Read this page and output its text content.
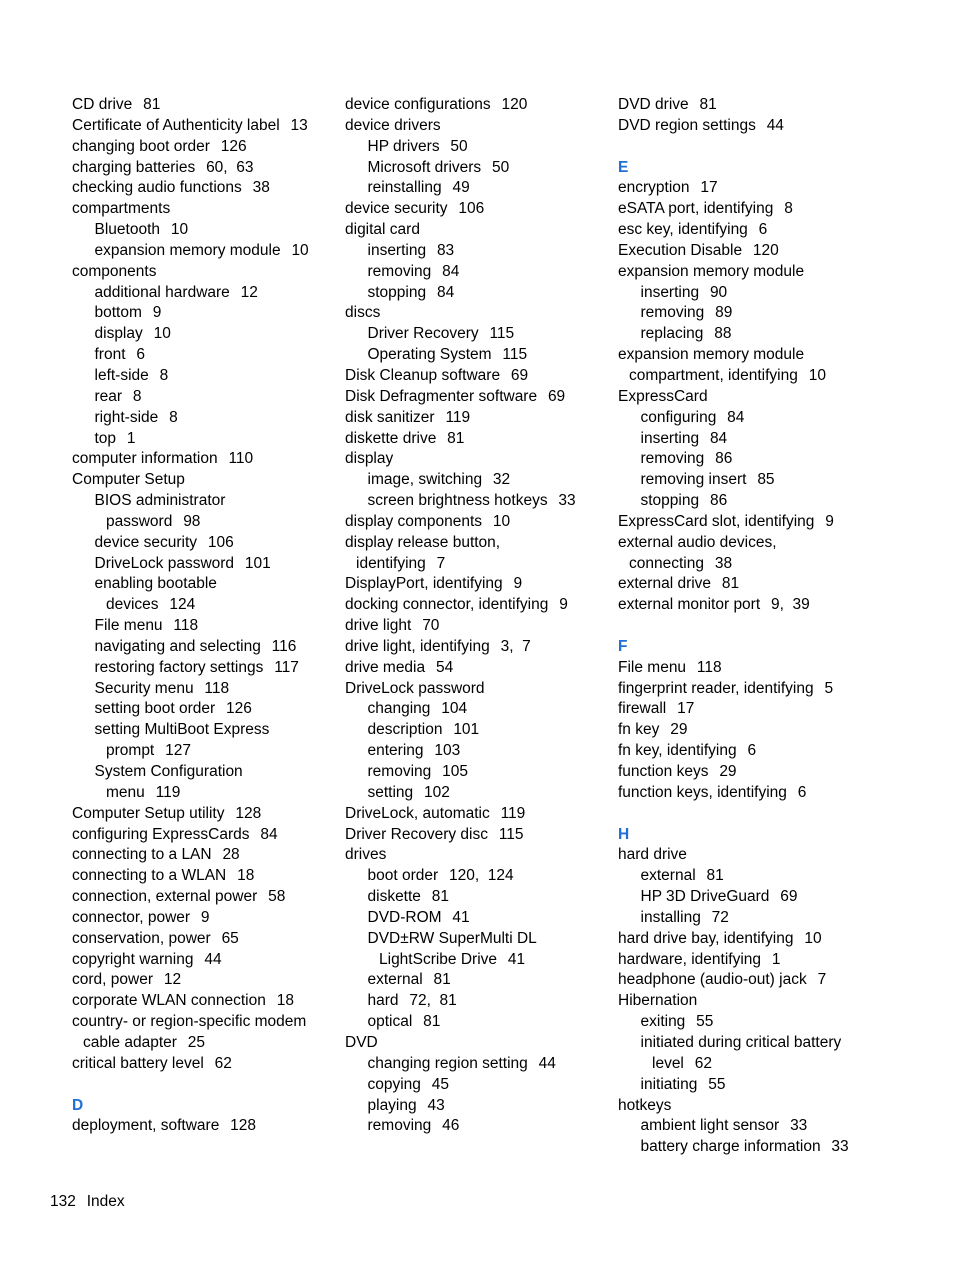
CD drive 81
Certificate of Authenticity label 13
changing boot order 126
charging batteries 60,  63
checking audio functions 38
compartments
Bluetooth 10
expansion memory module 10
components
additional hardware 12
bottom 9
display 10
front 6
left-side 8
rear 8
right-side 8
top 1
computer information 110
Computer Setup
BIOS administrator
password 98
device security 106
DriveLock password 101
enabling bootable
devices 124
File menu 118
navigating and selecting 116
restoring factory settings 117
Security menu 118
setting boot order 126
setting MultiBoot Express
prompt 127
System Configuration
menu 119
Computer Setup utility 128
configuring ExpressCards 84
connecting to a LAN 28
connecting to a WLAN 18
connection, external power 58
connector, power 9
conservation, power 65
copyright warning 44
cord, power 12
corporate WLAN connection 18
country- or region-specific modem
cable adapter 25
critical battery level 62
D
deployment, software 128
device configurations 120
device drivers
HP drivers 50
Microsoft drivers 50
reinstalling 49
device security 106
digital card
inserting 83
removing 84
stopping 84
discs
Driver Recovery 115
Operating System 115
Disk Cleanup software 69
Disk Defragmenter software 69
disk sanitizer 119
diskette drive 81
display
image, switching 32
screen brightness hotkeys 33
display components 10
display release button,
identifying 7
DisplayPort, identifying 9
docking connector, identifying 9
drive light 70
drive light, identifying 3,  7
drive media 54
DriveLock password
changing 104
description 101
entering 103
removing 105
setting 102
DriveLock, automatic 119
Driver Recovery disc 115
drives
boot order 120,  124
diskette 81
DVD-ROM 41
DVD±RW SuperMulti DL
LightScribe Drive 41
external 81
hard 72,  81
optical 81
DVD
changing region setting 44
copying 45
playing 43
removing 46
DVD drive 81
DVD region settings 44
E
encryption 17
eSATA port, identifying 8
esc key, identifying 6
Execution Disable 120
expansion memory module
inserting 90
removing 89
replacing 88
expansion memory module
compartment, identifying 10
ExpressCard
configuring 84
inserting 84
removing 86
removing insert 85
stopping 86
ExpressCard slot, identifying 9
external audio devices,
connecting 38
external drive 81
external monitor port 9,  39
F
File menu 118
fingerprint reader, identifying 5
firewall 17
fn key 29
fn key, identifying 6
function keys 29
function keys, identifying 6
H
hard drive
external 81
HP 3D DriveGuard 69
installing 72
hard drive bay, identifying 10
hardware, identifying 1
headphone (audio-out) jack 7
Hibernation
exiting 55
initiated during critical battery
level 62
initiating 55
hotkeys
ambient light sensor 33
battery charge information 33
132 Index
